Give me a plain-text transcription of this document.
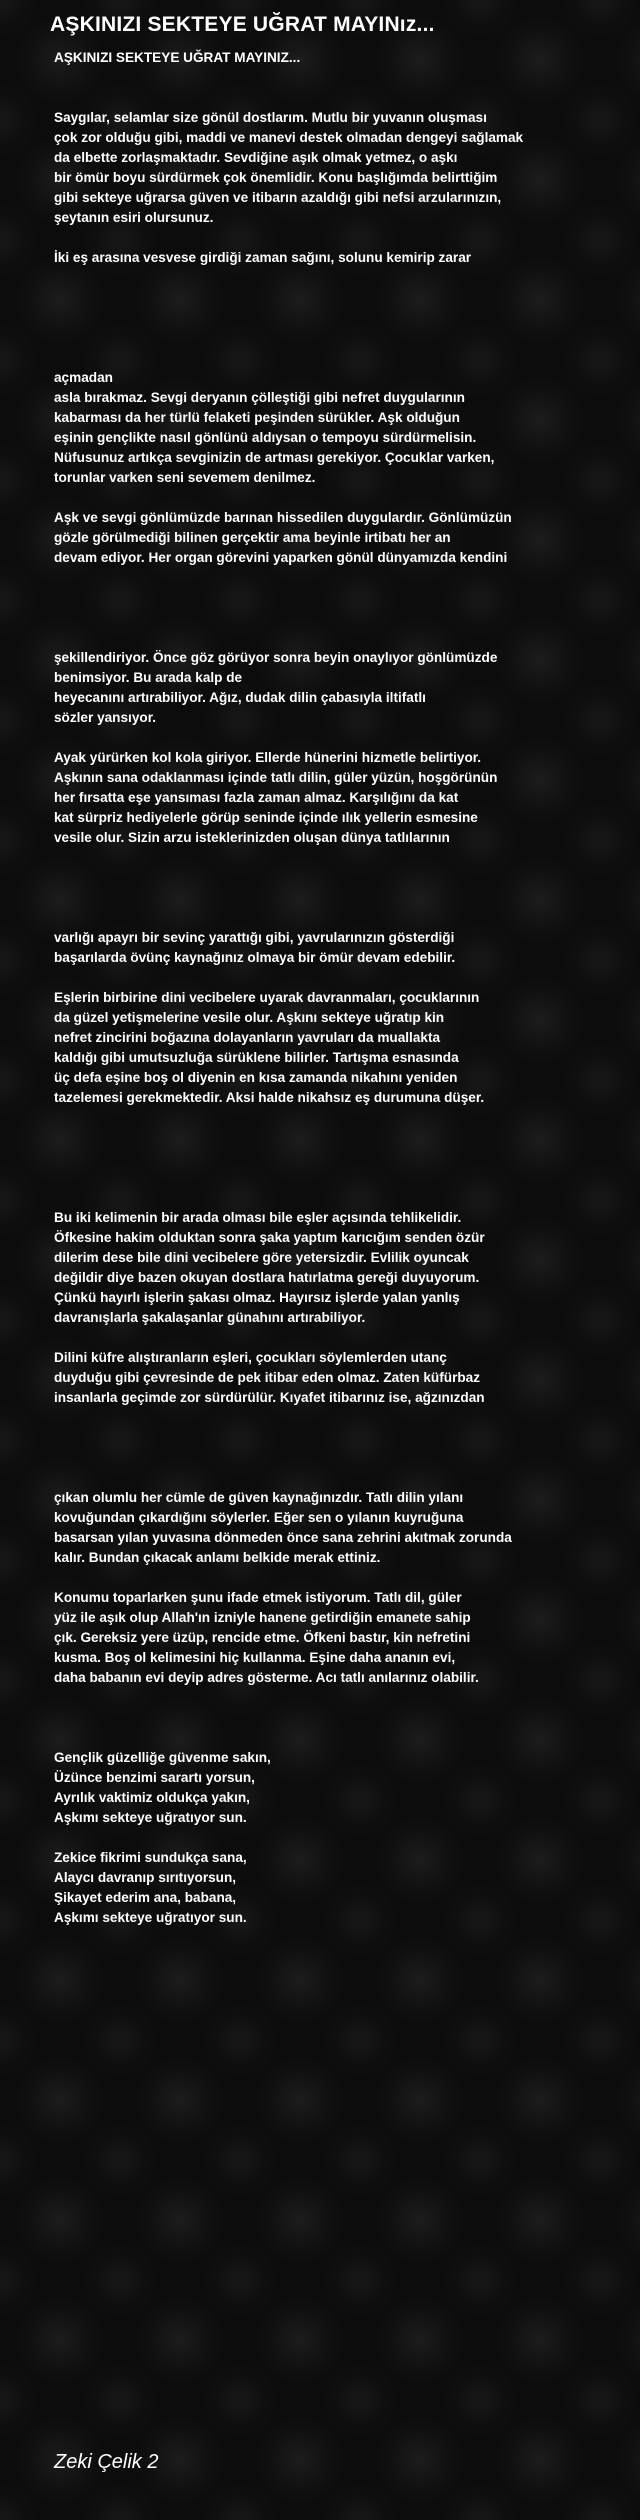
AŞKINIZI SEKTEYE UĞRAT MAYINız...
AŞKINIZI SEKTEYE UĞRAT MAYINIZ...
Saygılar, selamlar size gönül dostlarım. Mutlu bir yuvanın oluşması
çok zor olduğu gibi, maddi ve manevi destek olmadan dengeyi sağlamak
da elbette zorlaşmaktadır. Sevdiğine aşık olmak yetmez, o aşkı
bir ömür boyu sürdürmek çok önemlidir. Konu başlığımda belirttiğim
gibi sekteye uğrarsa güven ve itibarın azaldığı gibi nefsi arzularınızın,
şeytanın esiri olursunuz.
İki eş arasına vesvese girdiği zaman sağını, solunu kemirip zarar
açmadan
asla bırakmaz. Sevgi deryanın çölleştiği gibi nefret duygularının
kabarması da her türlü felaketi peşinden sürükler. Aşk olduğun
eşinin gençlikte nasıl gönlünü aldıysan o tempoyu sürdürmelisin.
Nüfusunuz artıkça sevginizin de artması gerekiyor. Çocuklar varken,
torunlar varken seni sevemem denilmez.
Aşk ve sevgi gönlümüzde barınan hissedilen duygulardır. Gönlümüzün
gözle görülmediği bilinen gerçektir ama beyinle irtibatı her an
devam ediyor. Her organ görevini yaparken gönül dünyamızda kendini
şekillendiriyor. Önce göz görüyor sonra beyin onaylıyor gönlümüzde
benimsiyor. Bu arada kalp de
heyecanını artırabiliyor. Ağız, dudak dilin çabasıyla iltifatlı
sözler yansıyor.
Ayak yürürken kol kola giriyor. Ellerde hünerini hizmetle belirtiyor.
Aşkının sana odaklanması içinde tatlı dilin, güler yüzün, hoşgörünün
her fırsatta eşe yansıması fazla zaman almaz. Karşılığını da kat
kat sürpriz hediyelerle görüp seninde içinde ılık yellerin esmesine
vesile olur. Sizin arzu isteklerinizden oluşan dünya tatlılarının
varlığı apayrı bir sevinç yarattığı gibi, yavrularınızın gösterdiği
başarılarda övünç kaynağınız olmaya bir ömür devam edebilir.
Eşlerin birbirine dini vecibelere uyarak davranmaları, çocuklarının
da güzel yetişmelerine vesile olur. Aşkını sekteye uğratıp kin
nefret zincirini boğazına dolayanların yavruları da muallakta
kaldığı gibi umutsuzluğa sürüklene bilirler. Tartışma esnasında
üç defa eşine boş ol diyenin en kısa zamanda nikahını yeniden
tazelemesi gerekmektedir. Aksi halde nikahsız eş durumuna düşer.
Bu iki kelimenin bir arada olması bile eşler açısında tehlikelidir.
Öfkesine hakim olduktan sonra şaka yaptım karıcığım senden özür
dilerim dese bile dini vecibelere göre yetersizdir. Evlilik oyuncak
değildir diye bazen okuyan dostlara hatırlatma gereği duyuyorum.
Çünkü hayırlı işlerin şakası olmaz. Hayırsız işlerde yalan yanlış
davranışlarla şakalaşanlar günahını artırabiliyor.
Dilini küfre alıştıranların eşleri, çocukları söylemlerden utanç
duyduğu gibi çevresinde de pek itibar eden olmaz. Zaten küfürbaz
insanlarla geçimde zor sürdürülür. Kıyafet itibarınız ise, ağzınızdan
çıkan olumlu her cümle de güven kaynağınızdır. Tatlı dilin yılanı
kovuğundan çıkardığını söylerler. Eğer sen o yılanın kuyruğuna
basarsan yılan yuvasına dönmeden önce sana zehrini akıtmak zorunda
kalır. Bundan çıkacak anlamı belkide merak ettiniz.
Konumu toparlarken şunu ifade etmek istiyorum. Tatlı dil, güler
yüz ile aşık olup Allah'ın izniyle hanene getirdiğin emanete sahip
çık. Gereksiz yere üzüp, rencide etme. Öfkeni bastır, kin nefretini
kusma. Boş ol kelimesini hiç kullanma. Eşine daha ananın evi,
daha babanın evi deyip adres gösterme. Acı tatlı anılarınız olabilir.
Gençlik güzelliğe güvenme sakın,
Üzünce benzimi sarartı yorsun,
Ayrılık vaktimiz oldukça yakın,
Aşkımı sekteye uğratıyor sun.
Zekice fikrimi sundukça sana,
Alaycı davranıp sırıtıyorsun,
Şikayet ederim ana, babana,
Aşkımı sekteye uğratıyor sun.
Zeki Çelik 2
